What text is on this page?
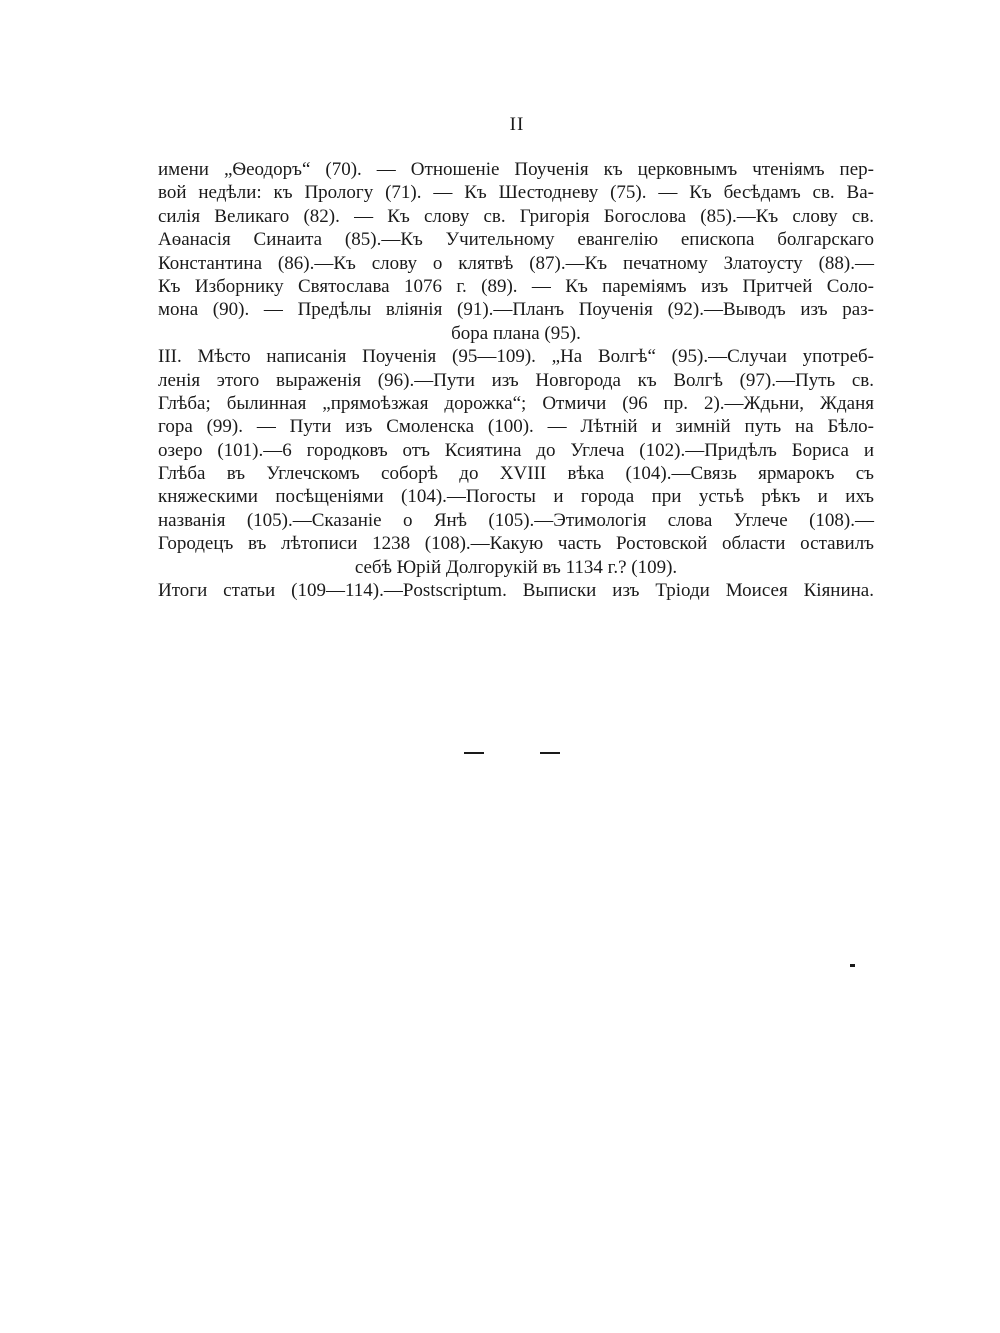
II
имени „Ѳеодоръ“ (70). — Отношеніе Поученія къ церковнымъ чтеніямъ пер-
вой недѣли: къ Прологу (71). — Къ Шестодневу (75). — Къ бесѣдамъ св. Ва-
силія Великаго (82). — Къ слову св. Григорія Богослова (85).—Къ слову св.
Аѳанасія Синаита (85).—Къ Учительному евангелію епископа болгарскаго
Константина (86).—Къ слову о клятвѣ (87).—Къ печатному Златоусту (88).—
Къ Изборнику Святослава 1076 г. (89). — Къ пареміямъ изъ Притчей Соло-
мона (90). — Предѣлы вліянія (91).—Планъ Поученія (92).—Выводъ изъ раз-
бора плана (95).
III. Мѣсто написанія Поученія (95—109). „На Волгѣ“ (95).—Случаи употреб-
ленія этого выраженія (96).—Пути изъ Новгорода къ Волгѣ (97).—Путь св.
Глѣба; былинная „прямоѣзжая дорожка“; Отмичи (96 пр. 2).—Ждьни, Жданя
гора (99). — Пути изъ Смоленска (100). — Лѣтній и зимній путь на Бѣло-
озеро (101).—6 городковъ отъ Ксиятина до Углеча (102).—Придѣлъ Бориса и
Глѣба въ Углечскомъ соборѣ до XVIII вѣка (104).—Связь ярмарокъ съ
княжескими посѣщеніями (104).—Погосты и города при устьѣ рѣкъ и ихъ
названія (105).—Сказаніе о Янѣ (105).—Этимологія слова Углече (108).—
Городецъ въ лѣтописи 1238 (108).—Какую часть Ростовской области оставилъ
себѣ Юрій Долгорукій въ 1134 г.? (109).
Итоги статьи (109—114).—Postscriptum. Выписки изъ Тріоди Моисея Кіянина.
